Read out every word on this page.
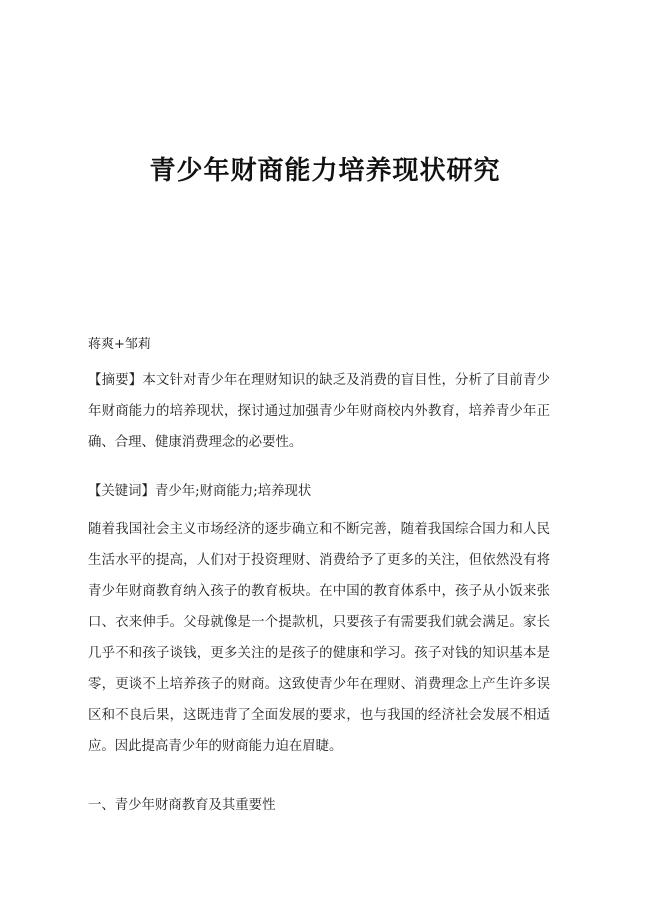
青少年财商能力培养现状研究
蒋爽+邹莉
【摘要】本文针对青少年在理财知识的缺乏及消费的盲目性，分析了目前青少年财商能力的培养现状，探讨通过加强青少年财商校内外教育，培养青少年正确、合理、健康消费理念的必要性。
【关键词】青少年;财商能力;培养现状
随着我国社会主义市场经济的逐步确立和不断完善，随着我国综合国力和人民生活水平的提高，人们对于投资理财、消费给予了更多的关注，但依然没有将青少年财商教育纳入孩子的教育板块。在中国的教育体系中，孩子从小饭来张口、衣来伸手。父母就像是一个提款机，只要孩子有需要我们就会满足。家长几乎不和孩子谈钱，更多关注的是孩子的健康和学习。孩子对钱的知识基本是零，更谈不上培养孩子的财商。这致使青少年在理财、消费理念上产生许多误区和不良后果，这既违背了全面发展的要求，也与我国的经济社会发展不相适应。因此提高青少年的财商能力迫在眉睫。
一、青少年财商教育及其重要性
